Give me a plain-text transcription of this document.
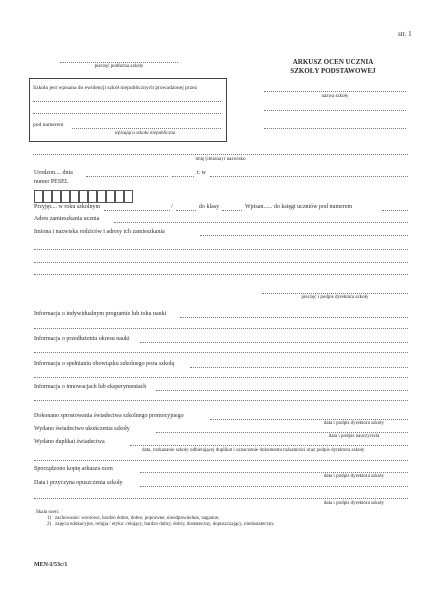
str. 1
pieczęć podłużna szkoły
ARKUSZ OCEN UCZNIA
SZKOŁY PODSTAWOWEJ
nazwa szkoły
Szkoła jest wpisana do ewidencji szkół niepublicznych prowadzonej przez
pod numerem
wpisująca szkoła niepubliczna
imię (imiona) i nazwisko
Urodzon.... dnia	r. w
numer PESEL
Przyjęt.... w roku szkolnym	/	do klasy	Wpisan...... do księgi uczniów pod numerem
Adres zamieszkania ucznia
Imiona i nazwiska rodziców i adresy ich zamieszkania
pieczęć i podpis dyrektora szkoły
Informacja o indywidualnym programie lub toku nauki
Informacja o przedłużeniu okresu nauki
Informacja o spełnianiu obowiązku szkolnego poza szkołą
Informacja o innowacjach lub eksperymentach
Dokonano sprostowania świadectwa szkolnego promocyjnego
data i podpis dyrektora szkoły
Wydano świadectwo ukończenia szkoły
data i podpis nauczyciela
Wydano duplikat świadectwa
data, rozkazanie szkoły odbierającej duplikat i oznaczenie dokumentu tożsamości oraz podpis dyrektora szkoły
Sporządzono kopię arkusza ocen
data i podpis dyrektora szkoły
Data i przyczyna opuszczenia szkoły
data i podpis dyrektora szkoły
Skala ocen:
1) zachowanie: wzorowe, bardzo dobre, dobre, poprawne, nieodpowiednie, naganne;
2) zajęcia edukacyjne, religia / etyka: celujący, bardzo dobry, dobry, dostateczny, dopuszczający, niedostateczny.
MEN-I/53c/1
